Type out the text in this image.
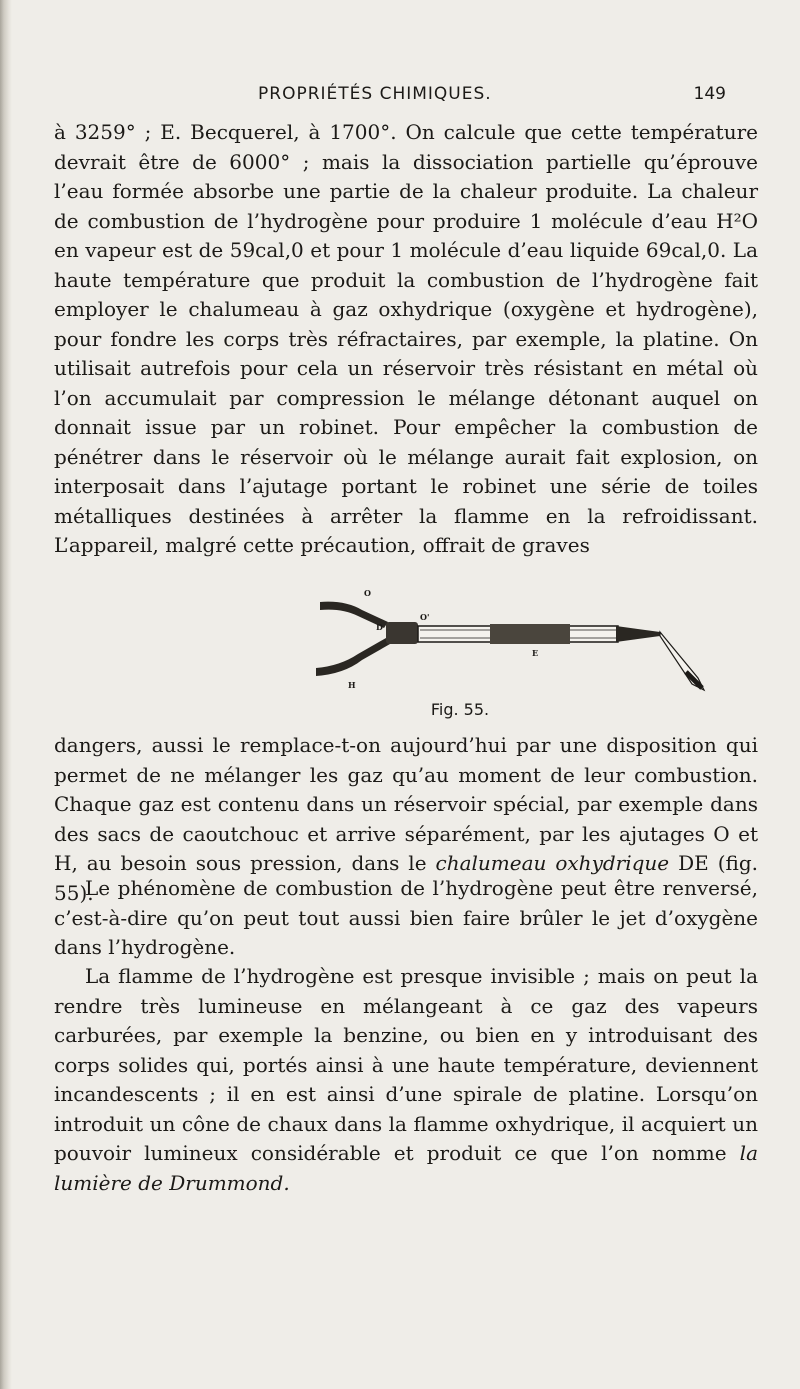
PROPRIÉTÉS CHIMIQUES.	149

à 3259° ; E. Becquerel, à 1700°. On calcule que cette température devrait être de 6000° ; mais la dissociation partielle qu’éprouve l’eau formée absorbe une partie de la chaleur produite. La chaleur de combustion de l’hydrogène pour produire 1 molécule d’eau H²O en vapeur est de 59cal,0 et pour 1 molécule d’eau liquide 69cal,0. La haute température que produit la combustion de l’hydrogène fait employer le chalumeau à gaz oxhydrique (oxygène et hydrogène), pour fondre les corps très réfractaires, par exemple, la platine. On utilisait autrefois pour cela un réservoir très résistant en métal où l’on accumulait par compression le mélange détonant auquel on donnait issue par un robinet. Pour empêcher la combustion de pénétrer dans le réservoir où le mélange aurait fait explosion, on interposait dans l’ajutage portant le robinet une série de toiles métalliques destinées à arrêter la flamme en la refroidissant. L’appareil, malgré cette précaution, offrait de graves

O
D
H
O'
E
Fig. 55.

dangers, aussi le remplace-t-on aujourd’hui par une disposition qui permet de ne mélanger les gaz qu’au moment de leur combustion. Chaque gaz est contenu dans un réservoir spécial, par exemple dans des sacs de caoutchouc et arrive séparément, par les ajutages O et H, au besoin sous pression, dans le chalumeau oxhydrique DE (fig. 55).

Le phénomène de combustion de l’hydrogène peut être renversé, c’est-à-dire qu’on peut tout aussi bien faire brûler le jet d’oxygène dans l’hydrogène.

La flamme de l’hydrogène est presque invisible ; mais on peut la rendre très lumineuse en mélangeant à ce gaz des vapeurs carburées, par exemple la benzine, ou bien en y introduisant des corps solides qui, portés ainsi à une haute température, deviennent incandescents ; il en est ainsi d’une spirale de platine. Lorsqu’on introduit un cône de chaux dans la flamme oxhydrique, il acquiert un pouvoir lumineux considérable et produit ce que l’on nomme la lumière de Drummond.
